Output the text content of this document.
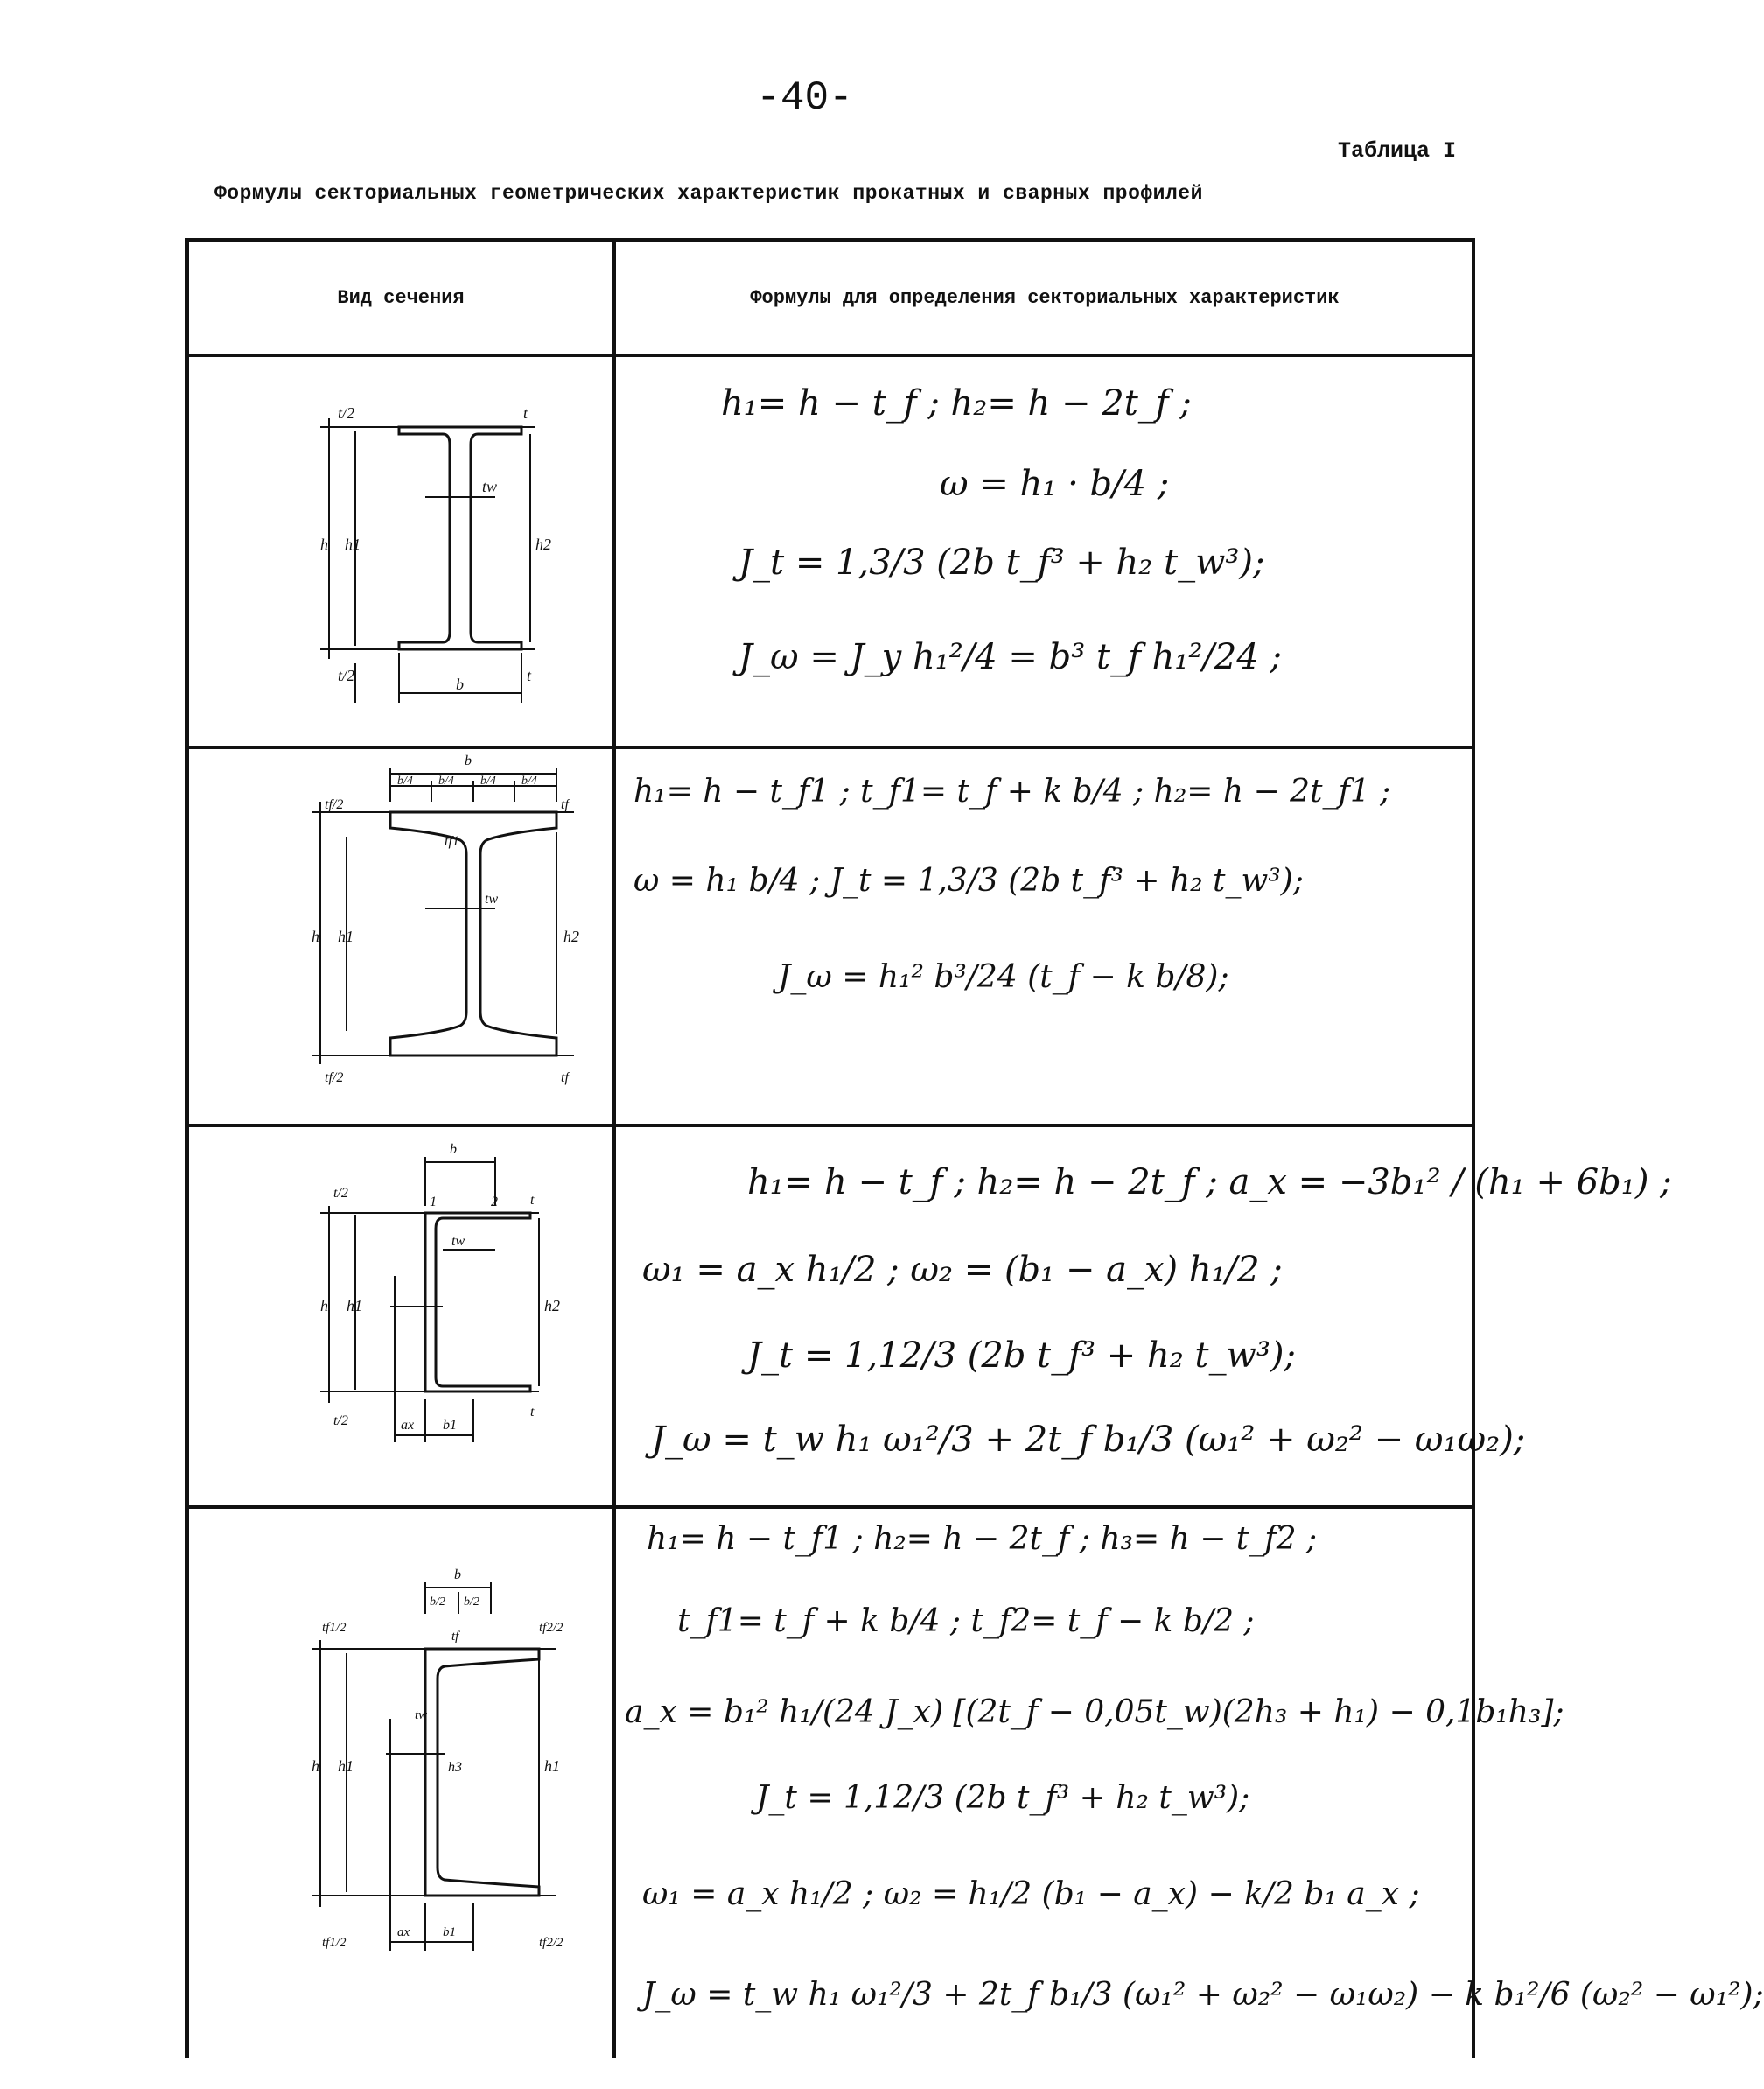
-40-
Таблица I
Формулы секториальных геометрических характеристик прокатных и сварных профилей
Вид сечения	Формулы для определения секториальных характеристик
t/2	t
tw
h h1	h2
t/2	t
b
h₁= h − t_f ; h₂= h − 2t_f ;
ω = h₁ · b/4 ;
J_t = 1,3/3 (2b t_f³ + h₂ t_w³);
J_ω = J_y h₁²/4 = b³ t_f h₁²/24 ;
b
b/4 b/4 b/4 b/4
tf/2	tf
tf1
tw
h h1	h2
tf/2	tf
h₁= h − t_f1 ; t_f1= t_f + k b/4 ; h₂= h − 2t_f1 ;
ω = h₁ b/4 ; J_t = 1,3/3 (2b t_f³ + h₂ t_w³);
J_ω = h₁² b³/24 (t_f − k b/8);
b
1	2
t/2	t
tw
h h1	h2
t/2
t
ax b1
h₁= h − t_f ; h₂= h − 2t_f ; a_x = −3b₁² / (h₁ + 6b₁) ;
ω₁ = a_x h₁/2 ; ω₂ = (b₁ − a_x) h₁/2 ;
J_t = 1,12/3 (2b t_f³ + h₂ t_w³);
J_ω = t_w h₁ ω₁²/3 + 2t_f b₁/3 (ω₁² + ω₂² − ω₁ω₂);
b
b/2 b/2
tf1/2	tf2/2
tf
tw
h h1	h3	h1
tf1/2	tf2/2
ax	b1
h₁= h − t_f1 ; h₂= h − 2t_f ; h₃= h − t_f2 ;
t_f1= t_f + k b/4 ; t_f2= t_f − k b/2 ;
a_x = b₁² h₁/(24 J_x) [(2t_f − 0,05t_w)(2h₃ + h₁) − 0,1b₁h₃];
J_t = 1,12/3 (2b t_f³ + h₂ t_w³);
ω₁ = a_x h₁/2 ; ω₂ = h₁/2 (b₁ − a_x) − k/2 b₁ a_x ;
J_ω = t_w h₁ ω₁²/3 + 2t_f b₁/3 (ω₁² + ω₂² − ω₁ω₂) − k b₁²/6 (ω₂² − ω₁²);
